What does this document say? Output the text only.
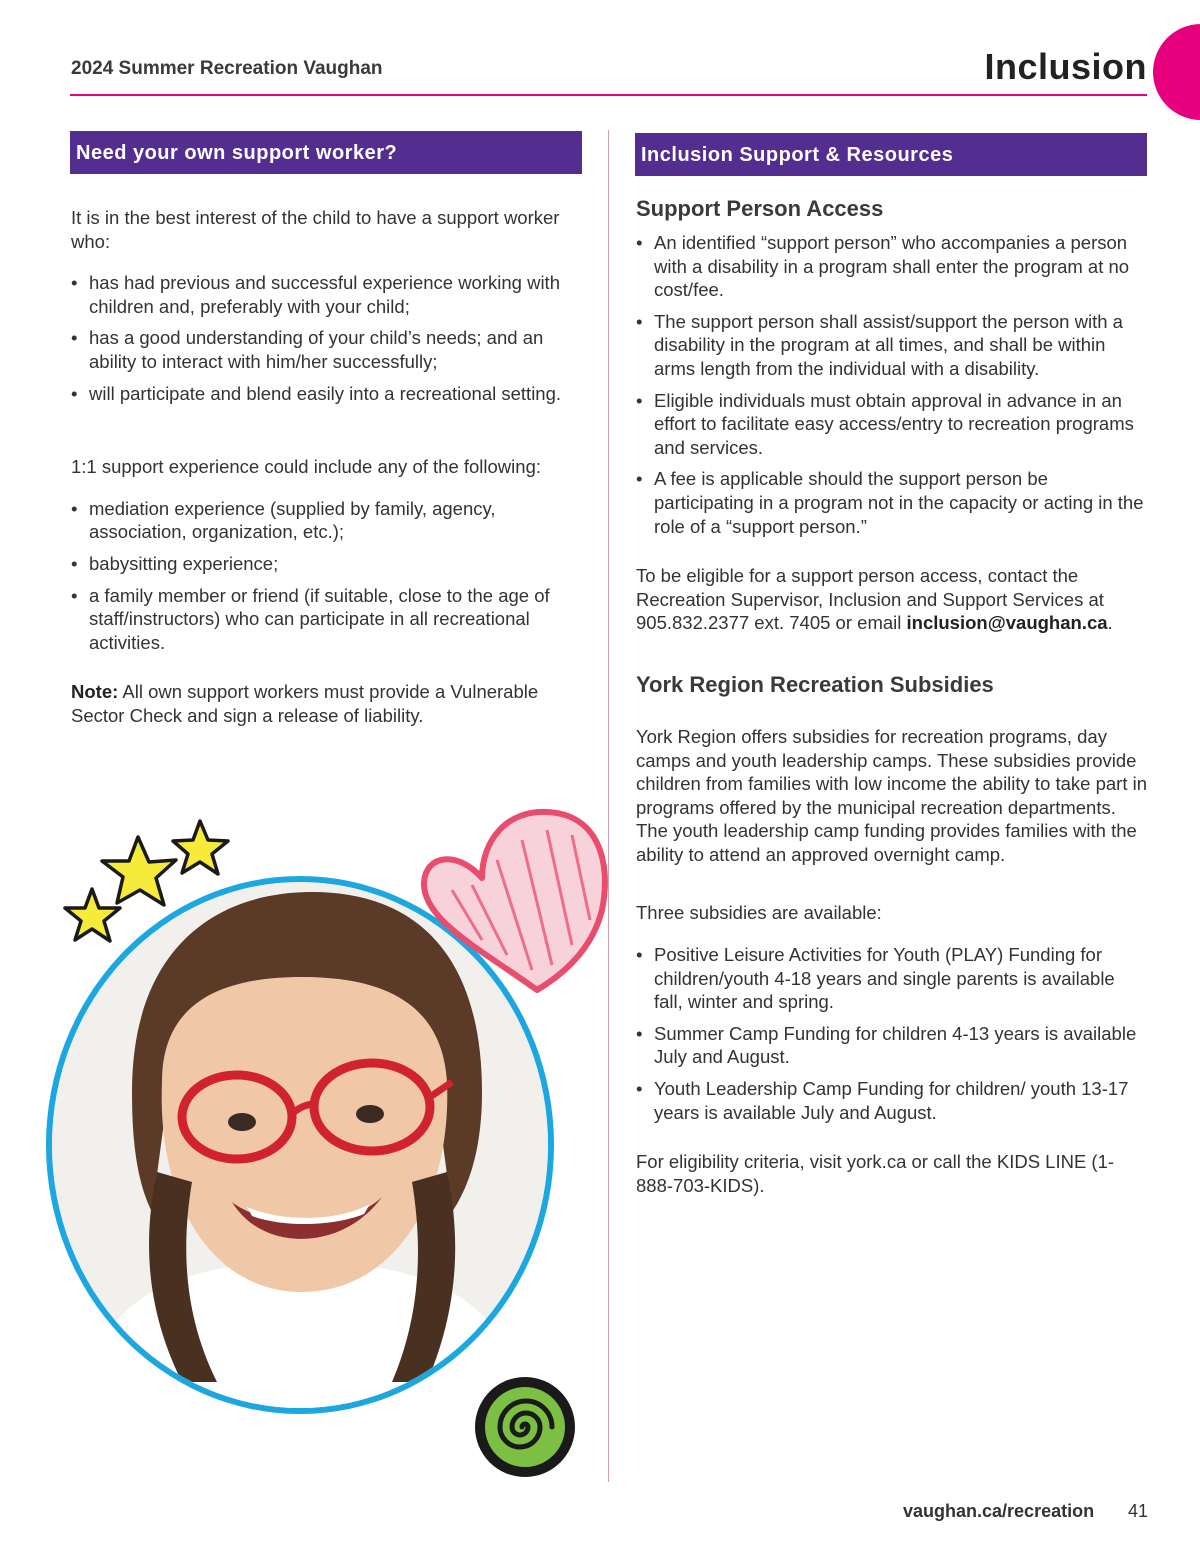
2024 Summer Recreation Vaughan	Inclusion
Need your own support worker?	Inclusion Support & Resources

It is in the best interest of the child to have a support worker who:

• has had previous and successful experience working with children and, preferably with your child;
• has a good understanding of your child’s needs; and an ability to interact with him/her successfully;
• will participate and blend easily into a recreational setting.

1:1 support experience could include any of the following:

• mediation experience (supplied by family, agency, association, organization, etc.);
• babysitting experience;
• a family member or friend (if suitable, close to the age of staff/instructors) who can participate in all recreational activities.

Note: All own support workers must provide a Vulnerable Sector Check and sign a release of liability.

Support Person Access
• An identified “support person” who accompanies a person with a disability in a program shall enter the program at no cost/fee.
• The support person shall assist/support the person with a disability in the program at all times, and shall be within arms length from the individual with a disability.
• Eligible individuals must obtain approval in advance in an effort to facilitate easy access/entry to recreation programs and services.
• A fee is applicable should the support person be participating in a program not in the capacity or acting in the role of a “support person.”

To be eligible for a support person access, contact the Recreation Supervisor, Inclusion and Support Services at 905.832.2377 ext. 7405 or email inclusion@vaughan.ca.

York Region Recreation Subsidies

York Region offers subsidies for recreation programs, day camps and youth leadership camps. These subsidies provide children from families with low income the ability to take part in programs offered by the municipal recreation departments. The youth leadership camp funding provides families with the ability to attend an approved overnight camp.

Three subsidies are available:

• Positive Leisure Activities for Youth (PLAY) Funding for children/youth 4-18 years and single parents is available fall, winter and spring.
• Summer Camp Funding for children 4-13 years is available July and August.
• Youth Leadership Camp Funding for children/ youth 13-17 years is available July and August.

For eligibility criteria, visit york.ca or call the KIDS LINE (1-888-703-KIDS).

vaughan.ca/recreation 41
